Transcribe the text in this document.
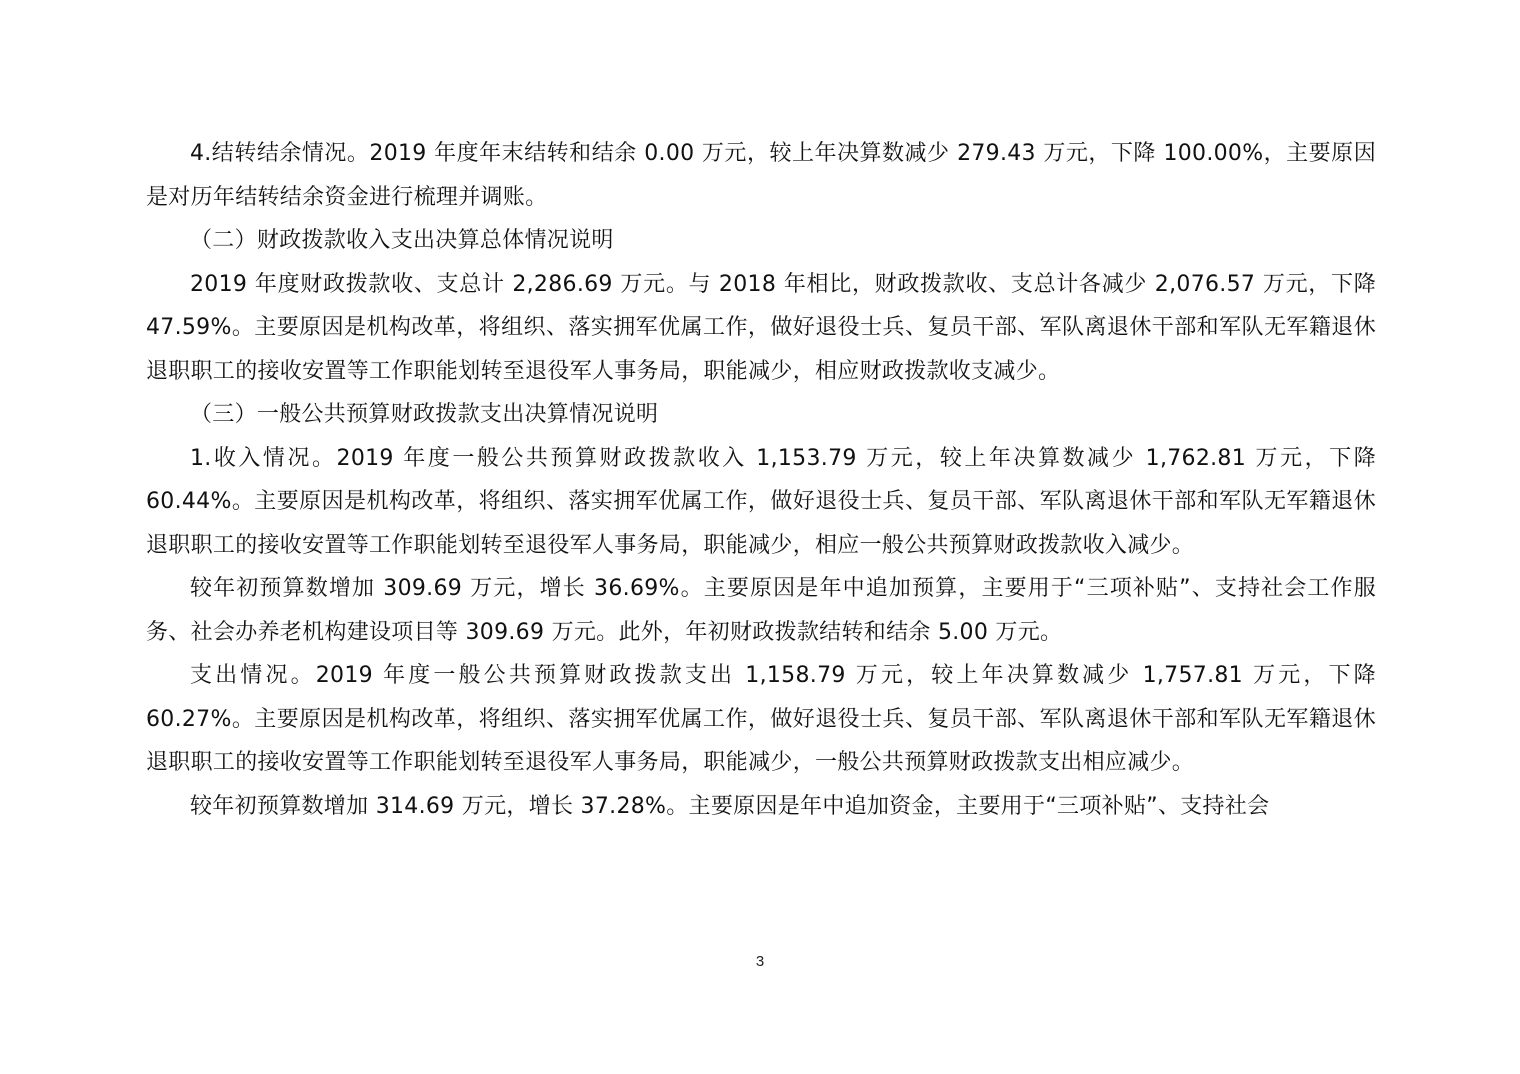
4.结转结余情况。2019 年度年末结转和结余 0.00 万元，较上年决算数减少 279.43 万元，下降 100.00%，主要原因是对历年结转结余资金进行梳理并调账。

（二）财政拨款收入支出决算总体情况说明

2019 年度财政拨款收、支总计 2,286.69 万元。与 2018 年相比，财政拨款收、支总计各减少 2,076.57 万元，下降 47.59%。主要原因是机构改革，将组织、落实拥军优属工作，做好退役士兵、复员干部、军队离退休干部和军队无军籍退休退职职工的接收安置等工作职能划转至退役军人事务局，职能减少，相应财政拨款收支减少。

（三）一般公共预算财政拨款支出决算情况说明

1.收入情况。2019 年度一般公共预算财政拨款收入 1,153.79 万元，较上年决算数减少 1,762.81 万元，下降 60.44%。主要原因是机构改革，将组织、落实拥军优属工作，做好退役士兵、复员干部、军队离退休干部和军队无军籍退休退职职工的接收安置等工作职能划转至退役军人事务局，职能减少，相应一般公共预算财政拨款收入减少。

较年初预算数增加 309.69 万元，增长 36.69%。主要原因是年中追加预算，主要用于“三项补贴”、支持社会工作服务、社会办养老机构建设项目等 309.69 万元。此外，年初财政拨款结转和结余 5.00 万元。

支出情况。2019 年度一般公共预算财政拨款支出 1,158.79 万元，较上年决算数减少 1,757.81 万元，下降 60.27%。主要原因是机构改革，将组织、落实拥军优属工作，做好退役士兵、复员干部、军队离退休干部和军队无军籍退休退职职工的接收安置等工作职能划转至退役军人事务局，职能减少，一般公共预算财政拨款支出相应减少。

较年初预算数增加 314.69 万元，增长 37.28%。主要原因是年中追加资金，主要用于“三项补贴”、支持社会

3
